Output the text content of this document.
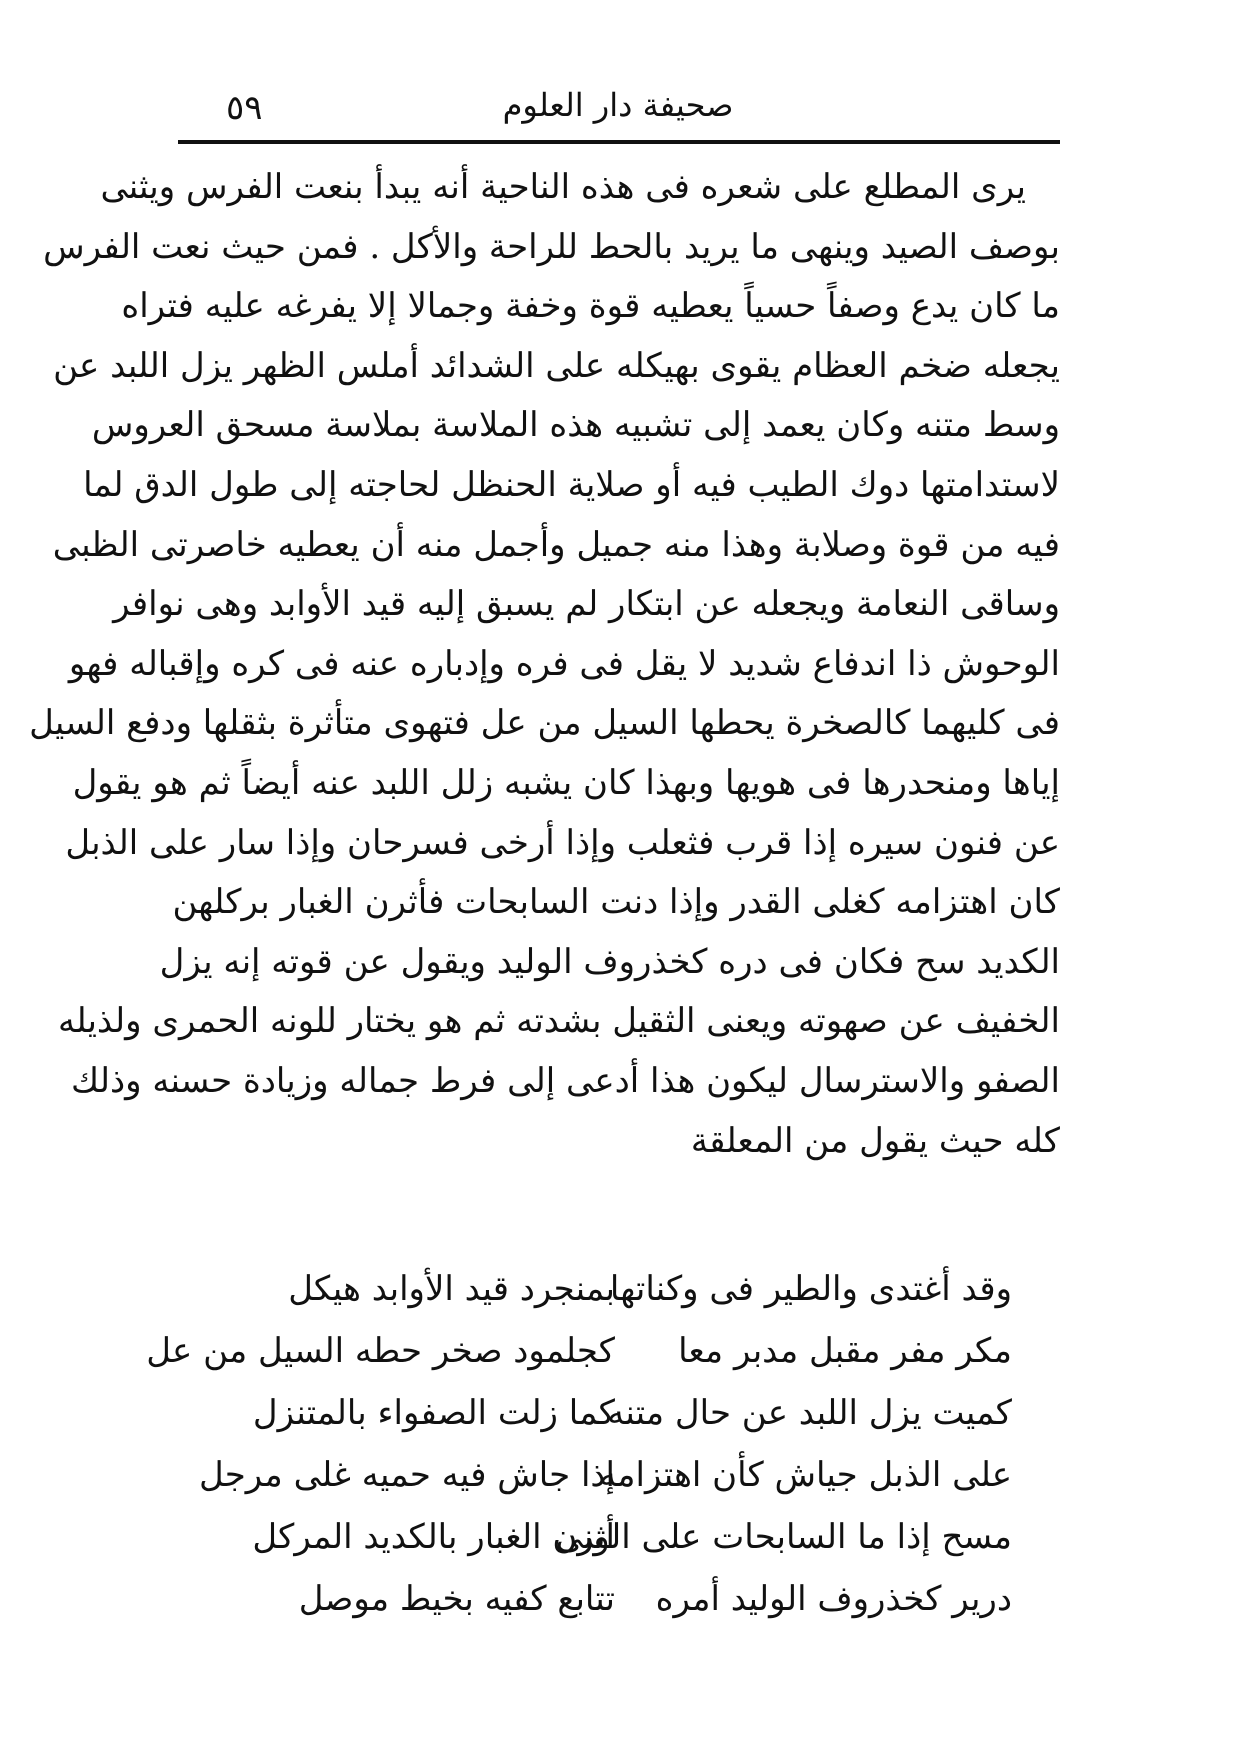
٥٩	صحيفة دار العلوم
يرى المطلع على شعره فى هذه الناحية أنه يبدأ بنعت الفرس ويثنى
بوصف الصيد وينهى ما يريد بالحط للراحة والأكل . فمن حيث نعت الفرس
ما كان يدع وصفاً حسياً يعطيه قوة وخفة وجمالا إلا يفرغه عليه فتراه
يجعله ضخم العظام يقوى بهيكله على الشدائد أملس الظهر يزل اللبد عن
وسط متنه وكان يعمد إلى تشبيه هذه الملاسة بملاسة مسحق العروس
لاستدامتها دوك الطيب فيه أو صلاية الحنظل لحاجته إلى طول الدق لما
فيه من قوة وصلابة وهذا منه جميل وأجمل منه أن يعطيه خاصرتى الظبى
وساقى النعامة ويجعله عن ابتكار لم يسبق إليه قيد الأوابد وهى نوافر
الوحوش ذا اندفاع شديد لا يقل فى فره وإدباره عنه فى كره وإقباله فهو
فى كليهما كالصخرة يحطها السيل من عل فتهوى متأثرة بثقلها ودفع السيل
إياها ومنحدرها فى هويها وبهذا كان يشبه زلل اللبد عنه أيضاً ثم هو يقول
عن فنون سيره إذا قرب فثعلب وإذا أرخى فسرحان وإذا سار على الذبل
كان اهتزامه كغلى القدر وإذا دنت السابحات فأثرن الغبار بركلهن
الكديد سح فكان فى دره كخذروف الوليد ويقول عن قوته إنه يزل
الخفيف عن صهوته ويعنى الثقيل بشدته ثم هو يختار للونه الحمرى ولذيله
الصفو والاسترسال ليكون هذا أدعى إلى فرط جماله وزيادة حسنه وذلك
كله حيث يقول من المعلقة
وقد أغتدى والطير فى وكناتها
بمنجرد قيد الأوابد هيكل
مكر مفر مقبل مدبر معا
كجلمود صخر حطه السيل من عل
كميت يزل اللبد عن حال متنه
كما زلت الصفواء بالمتنزل
على الذبل جياش كأن اهتزامه
إذا جاش فيه حميه غلى مرجل
مسح إذا ما السابحات على الونى
أثرن الغبار بالكديد المركل
درير كخذروف الوليد أمره
تتابع كفيه بخيط موصل
